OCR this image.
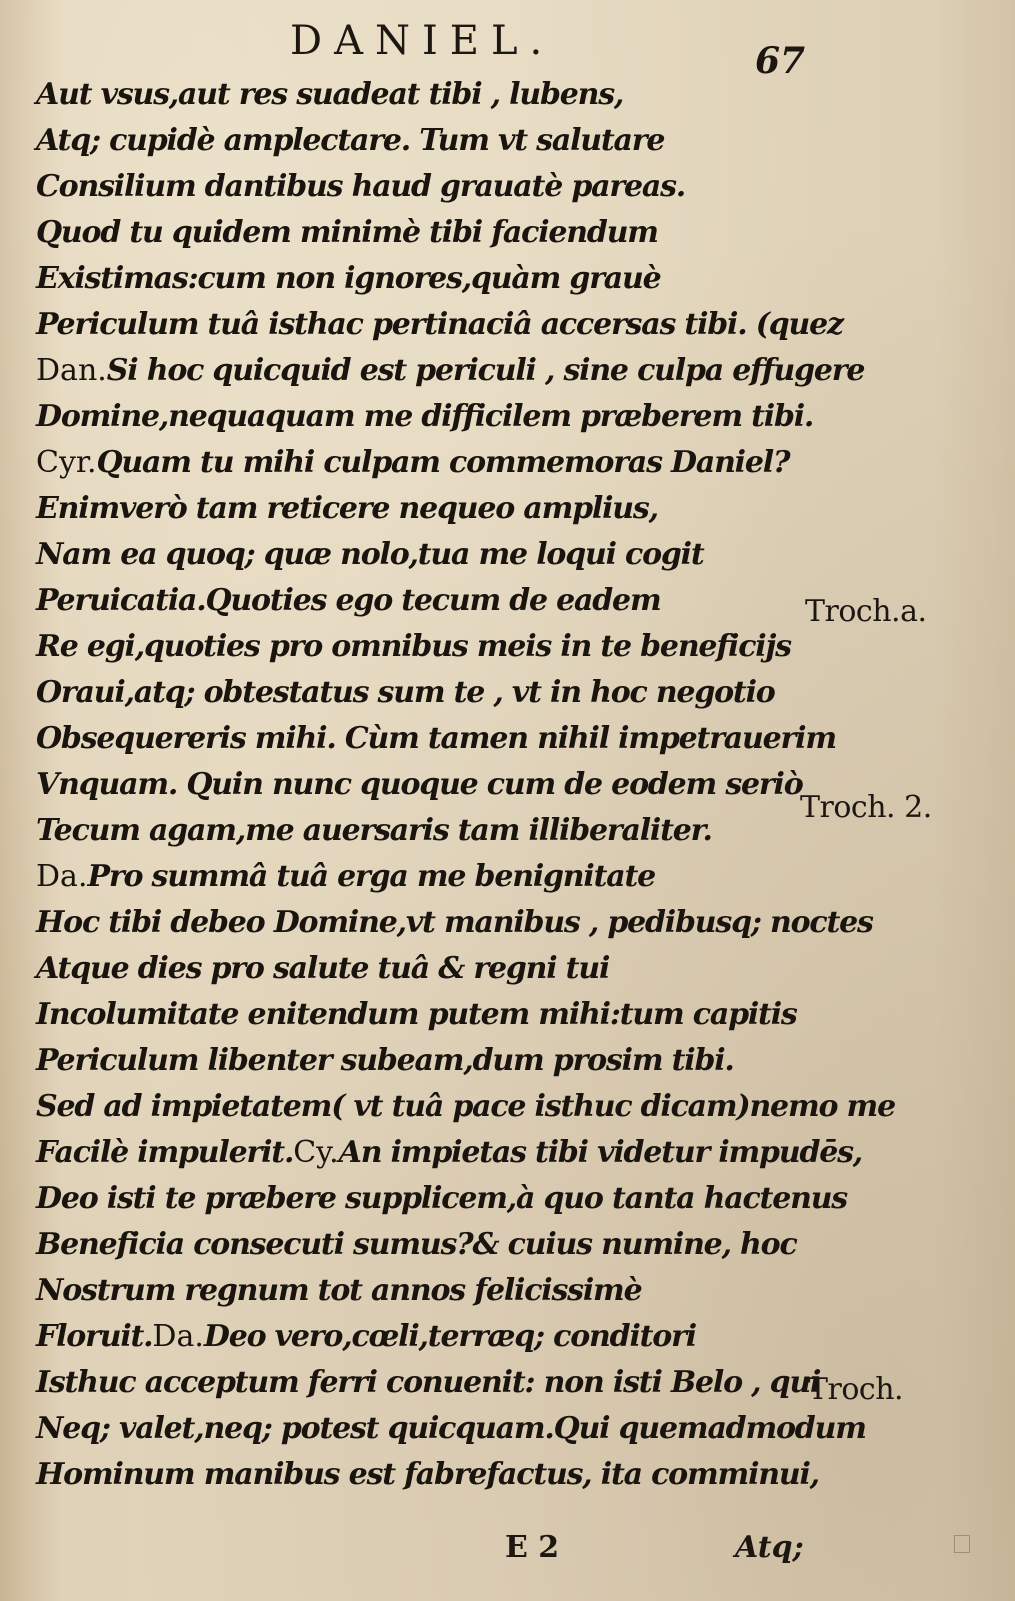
DANIEL.	67
Aut vsus,aut res suadeat tibi , lubens,
Atq; cupidè amplectare. Tum vt salutare
Consilium dantibus haud grauatè pareas.
Quod tu quidem minimè tibi faciendum
Existimas:cum non ignores,quàm grauè
Periculum tuâ isthac pertinaciâ accersas tibi. (quez
Dan.Si hoc quicquid est periculi , sine culpa effugere
Domine,nequaquam me difficilem præberem tibi.
Cyr.Quam tu mihi culpam commemoras Daniel?
Enimverò tam reticere nequeo amplius,
Nam ea quoq; quæ nolo,tua me loqui cogit
Peruicatia.Quoties ego tecum de eadem
Re egi,quoties pro omnibus meis in te beneficijs
Oraui,atq; obtestatus sum te , vt in hoc negotio
Obsequereris mihi. Cùm tamen nihil impetrauerim
Vnquam. Quin nunc quoque cum de eodem seriò
Tecum agam,me auersaris tam illiberaliter.
Da.Pro summâ tuâ erga me benignitate
Hoc tibi debeo Domine,vt manibus , pedibusq; noctes
Atque dies pro salute tuâ & regni tui
Incolumitate enitendum putem mihi:tum capitis
Periculum libenter subeam,dum prosim tibi.
Sed ad impietatem( vt tuâ pace isthuc dicam)nemo me
Facilè impulerit.Cy.An impietas tibi videtur impudēs,
Deo isti te præbere supplicem,à quo tanta hactenus
Beneficia consecuti sumus?& cuius numine, hoc
Nostrum regnum tot annos felicissimè
Floruit.Da.Deo vero,cœli,terræq; conditori
Isthuc acceptum ferri conuenit: non isti Belo , qui
Neq; valet,neq; potest quicquam.Qui quemadmodum
Hominum manibus est fabrefactus, ita comminui,
Troch.a.
Troch. 2.
Troch.
E 2	Atq;
